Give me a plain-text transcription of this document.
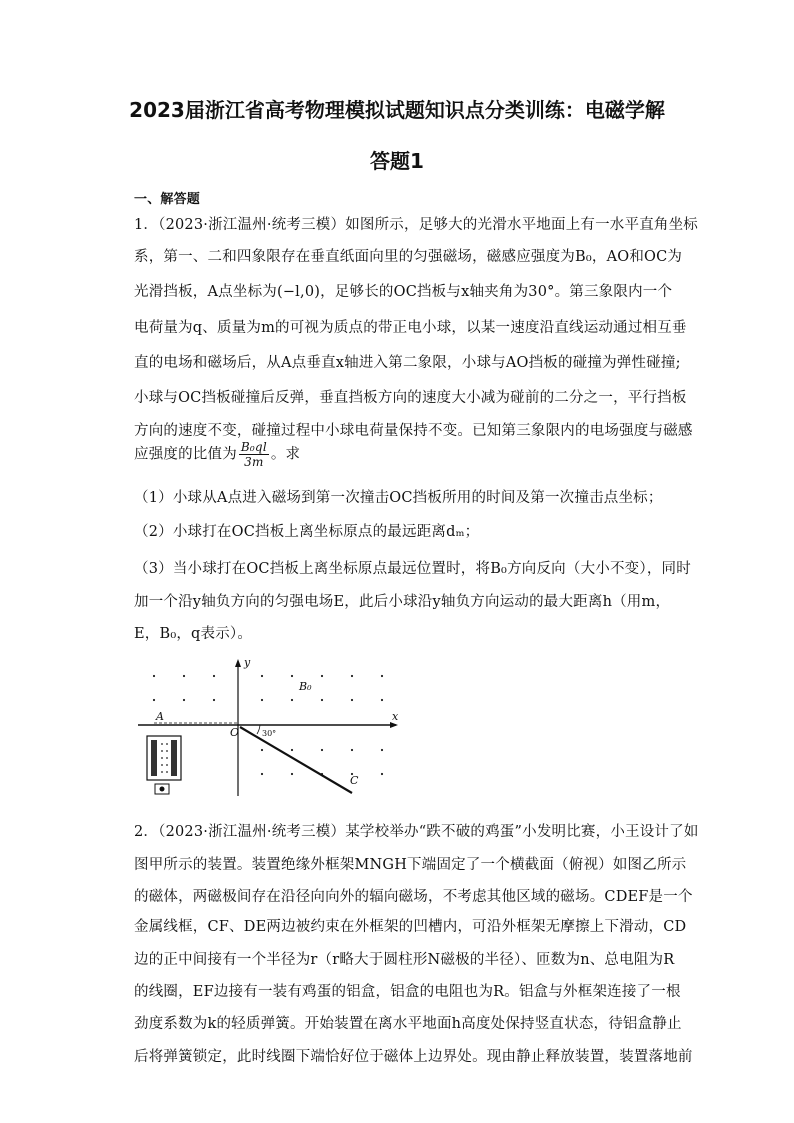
2023届浙江省高考物理模拟试题知识点分类训练：电磁学解
答题1
一、解答题
1．（2023·浙江温州·统考三模）如图所示，足够大的光滑水平地面上有一水平直角坐标
系，第一、二和四象限存在垂直纸面向里的匀强磁场，磁感应强度为B₀，AO和OC为
光滑挡板，A点坐标为(−l,0)，足够长的OC挡板与x轴夹角为30°。第三象限内一个
电荷量为q、质量为m的可视为质点的带正电小球，以某一速度沿直线运动通过相互垂
直的电场和磁场后，从A点垂直x轴进入第二象限，小球与AO挡板的碰撞为弹性碰撞;
小球与OC挡板碰撞后反弹，垂直挡板方向的速度大小减为碰前的二分之一，平行挡板
方向的速度不变，碰撞过程中小球电荷量保持不变。已知第三象限内的电场强度与磁感
应强度的比值为 $\frac{\text{B₀ql}}{3m}$ 。求
（1）小球从A点进入磁场到第一次撞击OC挡板所用的时间及第一次撞击点坐标；
（2）小球打在OC挡板上离坐标原点的最远距离dₘ；
（3）当小球打在OC挡板上离坐标原点最远位置时，将B₀方向反向（大小不变），同时
加一个沿y轴负方向的匀强电场E，此后小球沿y轴负方向运动的最大距离h（用m，
E，B₀，q表示）。
y
x
B₀
A
O
C
30°
2．（2023·浙江温州·统考三模）某学校举办“跌不破的鸡蛋”小发明比赛，小王设计了如
图甲所示的装置。装置绝缘外框架MNGH下端固定了一个横截面（俯视）如图乙所示
的磁体，两磁极间存在沿径向向外的辐向磁场，不考虑其他区域的磁场。CDEF是一个
金属线框，CF、DE两边被约束在外框架的凹槽内，可沿外框架无摩擦上下滑动，CD
边的正中间接有一个半径为r（r略大于圆柱形N磁极的半径）、匝数为n、总电阻为R
的线圈，EF边接有一装有鸡蛋的铝盒，铝盒的电阻也为R。铝盒与外框架连接了一根
劲度系数为k的轻质弹簧。开始装置在离水平地面h高度处保持竖直状态，待铝盒静止
后将弹簧锁定，此时线圈下端恰好位于磁体上边界处。现由静止释放装置，装置落地前
